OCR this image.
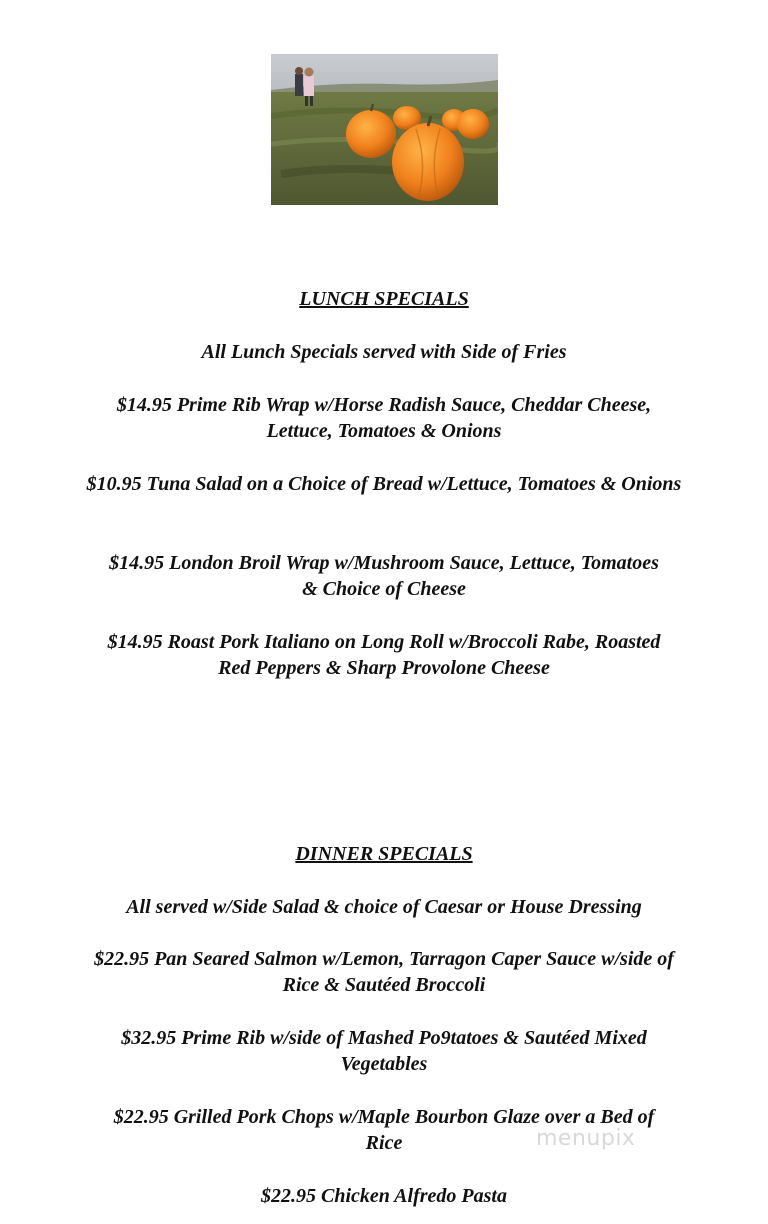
LUNCH SPECIALS
All Lunch Specials served with Side of Fries
$14.95 Prime Rib Wrap w/Horse Radish Sauce, Cheddar Cheese, Lettuce, Tomatoes & Onions
$10.95 Tuna Salad on a Choice of Bread w/Lettuce, Tomatoes & Onions
$14.95 London Broil Wrap w/Mushroom Sauce, Lettuce, Tomatoes & Choice of Cheese
$14.95 Roast Pork Italiano on Long Roll w/Broccoli Rabe, Roasted Red Peppers & Sharp Provolone Cheese
DINNER SPECIALS
All served w/Side Salad & choice of Caesar or House Dressing
$22.95 Pan Seared Salmon w/Lemon, Tarragon Caper Sauce w/side of Rice & Sautéed Broccoli
$32.95 Prime Rib w/side of Mashed Po9tatoes & Sautéed Mixed Vegetables
$22.95 Grilled Pork Chops w/Maple Bourbon Glaze over a Bed of Rice
$22.95 Chicken Alfredo Pasta
menupix
